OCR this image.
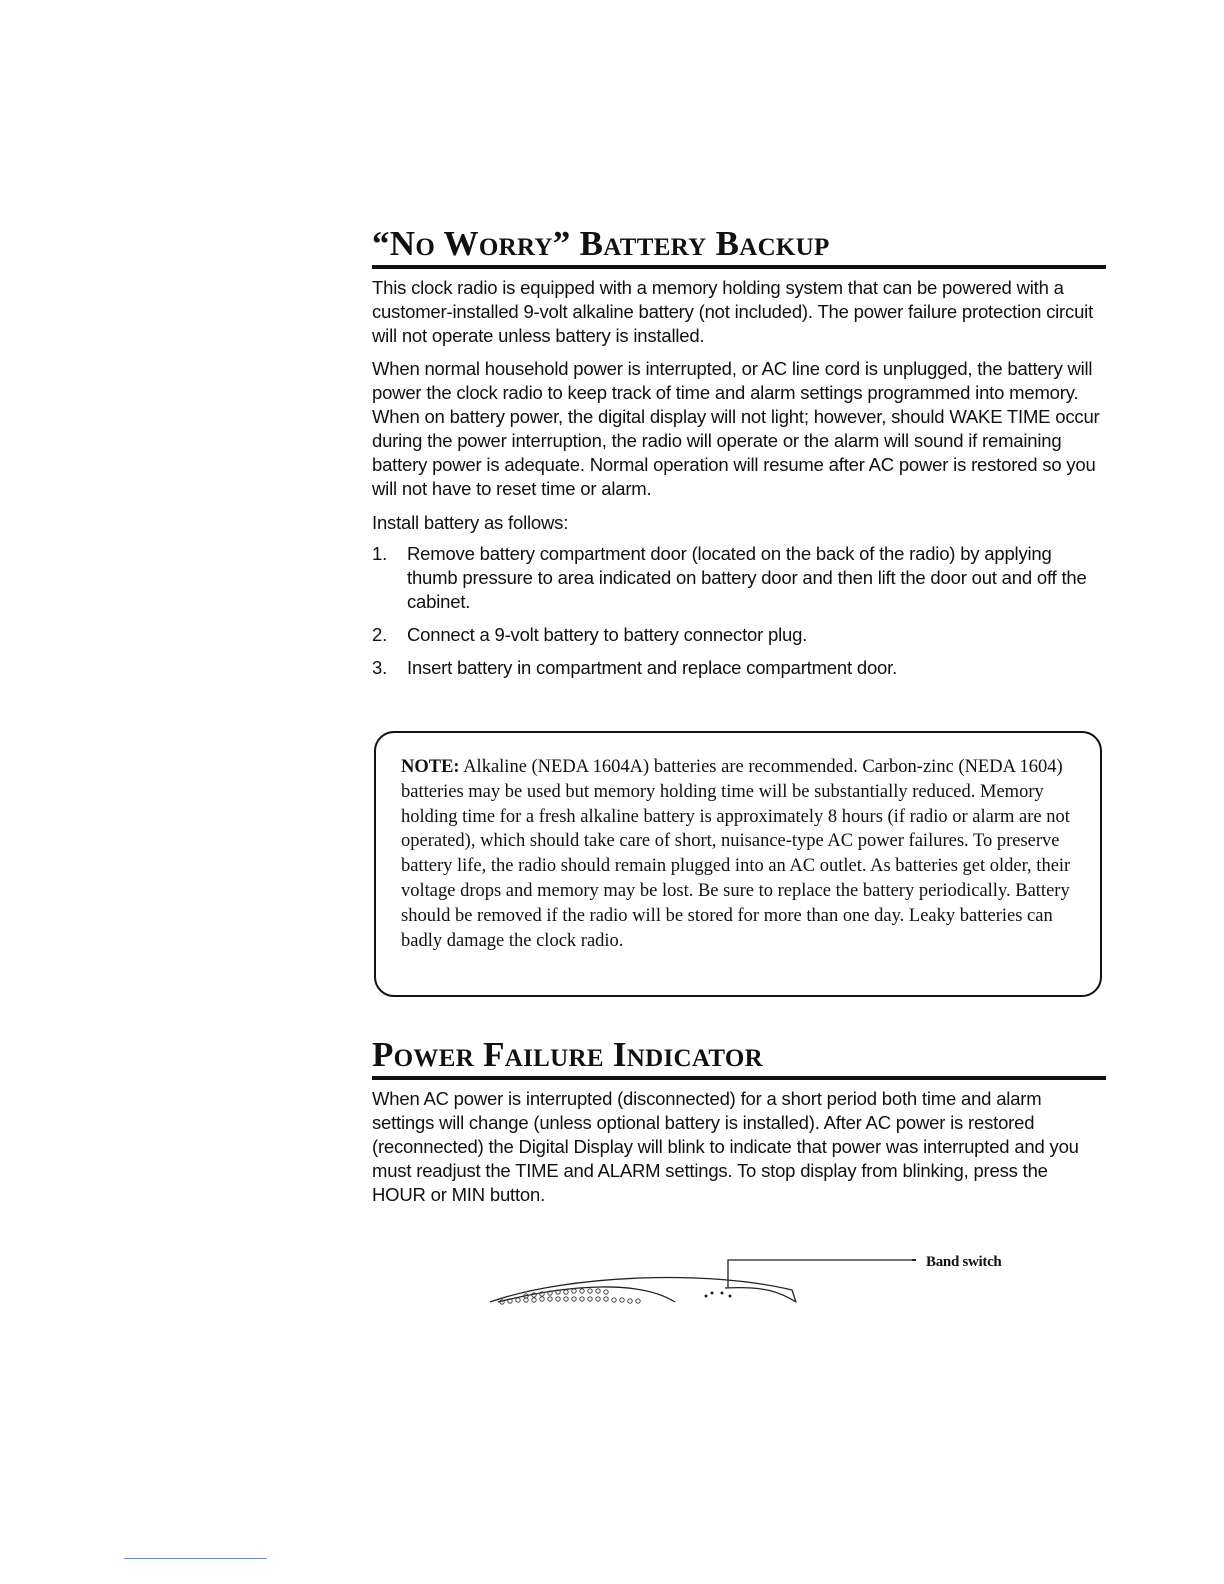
“No Worry” Battery Backup

This clock radio is equipped with a memory holding system that can be powered with a customer-installed 9-volt alkaline battery (not included). The power failure protection circuit will not operate unless battery is installed.

When normal household power is interrupted, or AC line cord is unplugged, the battery will power the clock radio to keep track of time and alarm settings programmed into memory. When on battery power, the digital display will not light; however, should WAKE TIME occur during the power interruption, the radio will operate or the alarm will sound if remaining battery power is adequate. Normal operation will resume after AC power is restored so you will not have to reset time or alarm.

Install battery as follows:

1. Remove battery compartment door (located on the back of the radio) by applying thumb pressure to area indicated on battery door and then lift the door out and off the cabinet.
2. Connect a 9-volt battery to battery connector plug.
3. Insert battery in compartment and replace compartment door.

NOTE: Alkaline (NEDA 1604A) batteries are recommended. Carbon-zinc (NEDA 1604) batteries may be used but memory holding time will be substantially reduced. Memory holding time for a fresh alkaline battery is approximately 8 hours (if radio or alarm are not operated), which should take care of short, nuisance-type AC power failures. To preserve battery life, the radio should remain plugged into an AC outlet. As batteries get older, their voltage drops and memory may be lost. Be sure to replace the battery periodically. Battery should be removed if the radio will be stored for more than one day. Leaky batteries can badly damage the clock radio.

Power Failure Indicator

When AC power is interrupted (disconnected) for a short period both time and alarm settings will change (unless optional battery is installed). After AC power is restored (reconnected) the Digital Display will blink to indicate that power was interrupted and you must readjust the TIME and ALARM settings. To stop display from blinking, press the HOUR or MIN button.

Band switch
